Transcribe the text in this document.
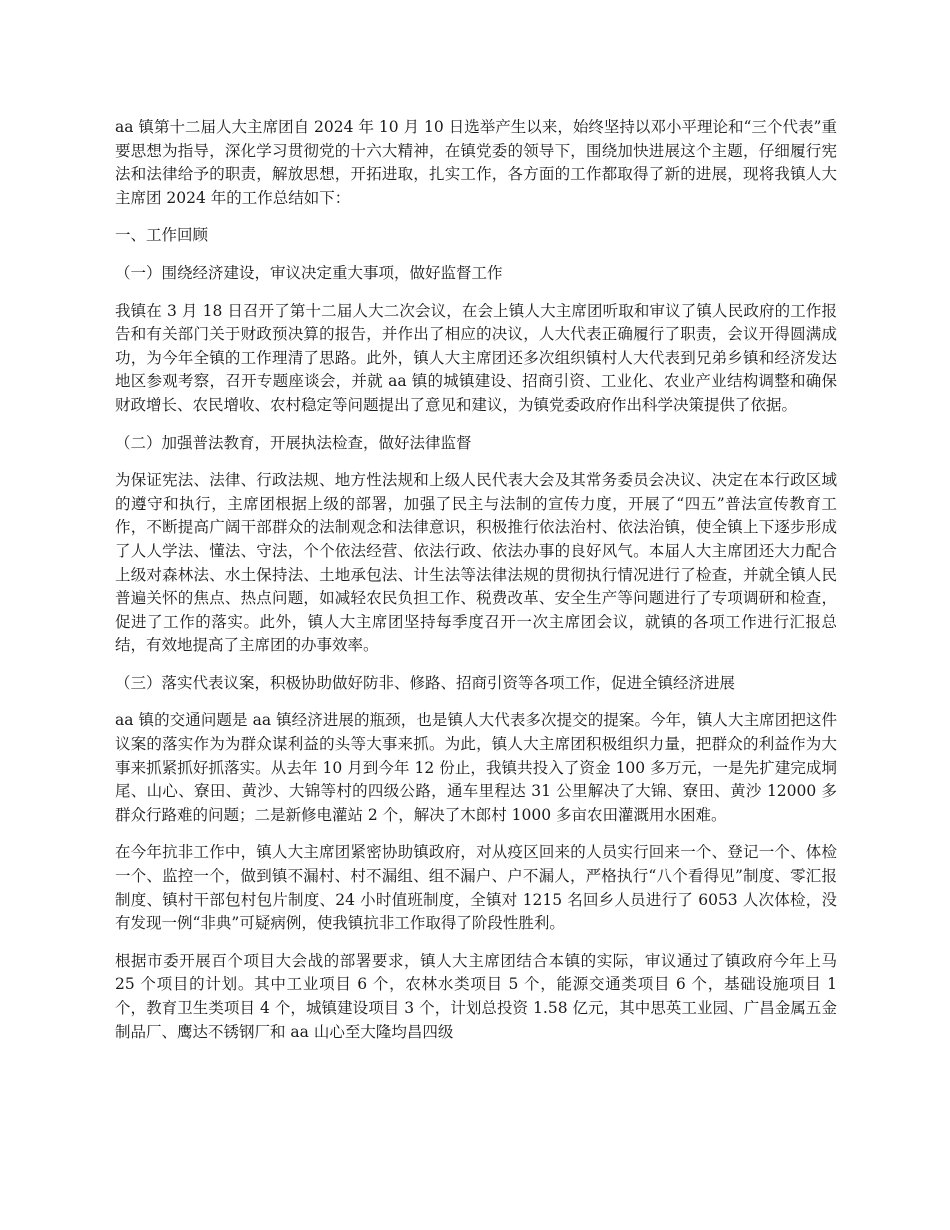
aa 镇第十二届人大主席团自 2024 年 10 月 10 日选举产生以来，始终坚持以邓小平理论和“三个代表”重要思想为指导，深化学习贯彻党的十六大精神，在镇党委的领导下，围绕加快进展这个主题，仔细履行宪法和法律给予的职责，解放思想，开拓进取，扎实工作，各方面的工作都取得了新的进展，现将我镇人大主席团 2024 年的工作总结如下：

一、工作回顾

（一）围绕经济建设，审议决定重大事项，做好监督工作

我镇在 3 月 18 日召开了第十二届人大二次会议，在会上镇人大主席团听取和审议了镇人民政府的工作报告和有关部门关于财政预决算的报告，并作出了相应的决议，人大代表正确履行了职责，会议开得圆满成功，为今年全镇的工作理清了思路。此外，镇人大主席团还多次组织镇村人大代表到兄弟乡镇和经济发达地区参观考察，召开专题座谈会，并就 aa 镇的城镇建设、招商引资、工业化、农业产业结构调整和确保财政增长、农民增收、农村稳定等问题提出了意见和建议，为镇党委政府作出科学决策提供了依据。

（二）加强普法教育，开展执法检查，做好法律监督

为保证宪法、法律、行政法规、地方性法规和上级人民代表大会及其常务委员会决议、决定在本行政区域的遵守和执行，主席团根据上级的部署，加强了民主与法制的宣传力度，开展了“四五”普法宣传教育工作，不断提高广阔干部群众的法制观念和法律意识，积极推行依法治村、依法治镇，使全镇上下逐步形成了人人学法、懂法、守法，个个依法经营、依法行政、依法办事的良好风气。本届人大主席团还大力配合上级对森林法、水土保持法、土地承包法、计生法等法律法规的贯彻执行情况进行了检查，并就全镇人民普遍关怀的焦点、热点问题，如减轻农民负担工作、税费改革、安全生产等问题进行了专项调研和检查，促进了工作的落实。此外，镇人大主席团坚持每季度召开一次主席团会议，就镇的各项工作进行汇报总结，有效地提高了主席团的办事效率。

（三）落实代表议案，积极协助做好防非、修路、招商引资等各项工作，促进全镇经济进展

aa 镇的交通问题是 aa 镇经济进展的瓶颈，也是镇人大代表多次提交的提案。今年，镇人大主席团把这件议案的落实作为为群众谋利益的头等大事来抓。为此，镇人大主席团积极组织力量，把群众的利益作为大事来抓紧抓好抓落实。从去年 10 月到今年 12 份止，我镇共投入了资金 100 多万元，一是先扩建完成垌尾、山心、寮田、黄沙、大锦等村的四级公路，通车里程达 31 公里解决了大锦、寮田、黄沙 12000 多群众行路难的问题；二是新修电灌站 2 个，解决了木郎村 1000 多亩农田灌溉用水困难。

在今年抗非工作中，镇人大主席团紧密协助镇政府，对从疫区回来的人员实行回来一个、登记一个、体检一个、监控一个，做到镇不漏村、村不漏组、组不漏户、户不漏人，严格执行“八个看得见”制度、零汇报制度、镇村干部包村包片制度、24 小时值班制度，全镇对 1215 名回乡人员进行了 6053 人次体检，没有发现一例“非典”可疑病例，使我镇抗非工作取得了阶段性胜利。

根据市委开展百个项目大会战的部署要求，镇人大主席团结合本镇的实际，审议通过了镇政府今年上马 25 个项目的计划。其中工业项目 6 个，农林水类项目 5 个，能源交通类项目 6 个，基础设施项目 1 个，教育卫生类项目 4 个，城镇建设项目 3 个，计划总投资 1.58 亿元，其中思英工业园、广昌金属五金制品厂、鹰达不锈钢厂和 aa 山心至大隆均昌四级
